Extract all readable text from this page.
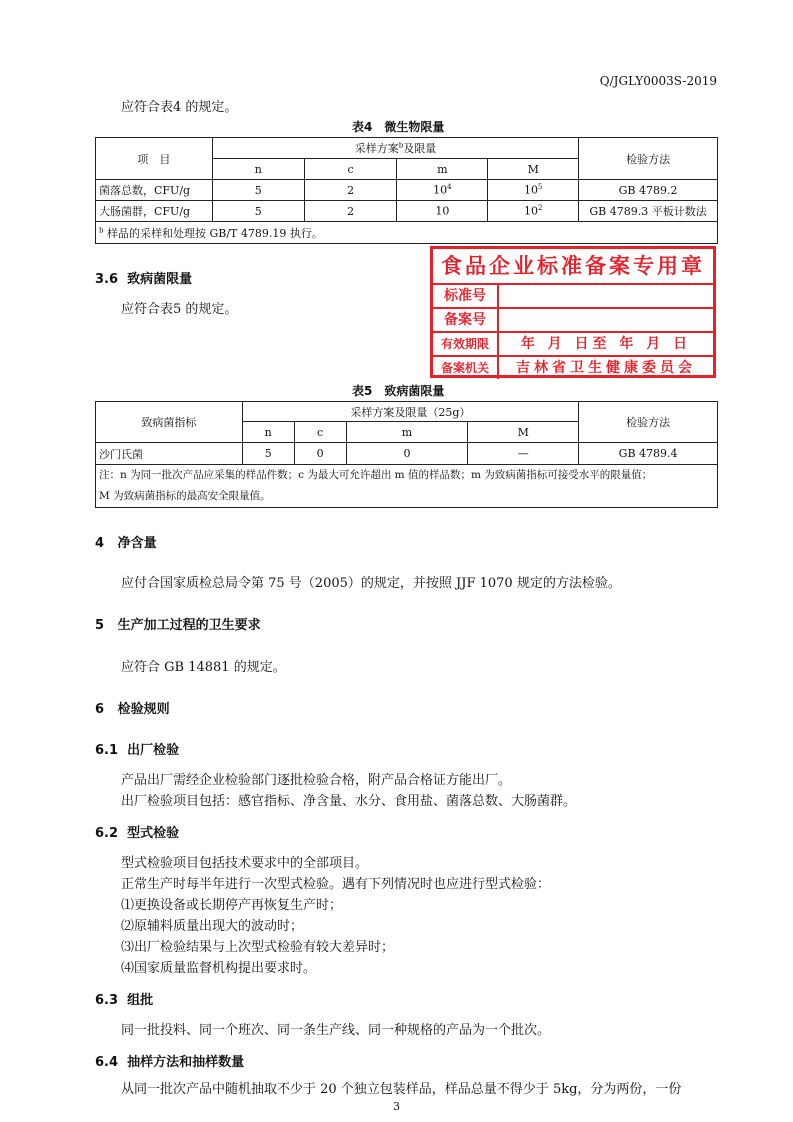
Q/JGLY0003S-2019
应符合表4 的规定。
表4　微生物限量
项　目	采样方案$^b$及限量				检验方法
	n	c	m	M	
菌落总数，CFU/g	5	2	$10^4$	$10^5$	GB 4789.2
大肠菌群，CFU/g	5	2	10	$10^2$	GB 4789.3 平板计数法
$^b$ 样品的采样和处理按 GB/T 4789.19 执行。					
3.6 致病菌限量
应符合表5 的规定。
食品企业标准备案专用章
标准号
备案号
有效期限	年 月 日至 年 月 日
备案机关	吉林省卫生健康委员会
表5　致病菌限量
致病菌指标	采样方案及限量（25g）				检验方法
	n	c	m	M	
沙门氏菌	5	0	0	—	GB 4789.4

注：n 为同一批次产品应采集的样品件数；c 为最大可允许超出 m 值的样品数；m 为致病菌指标可接受水平的限量值；
M 为致病菌指标的最高安全限量值。					
4 净含量
应付合国家质检总局令第 75 号（2005）的规定，并按照 JJF 1070 规定的方法检验。
5 生产加工过程的卫生要求
应符合 GB 14881 的规定。
6 检验规则
6.1 出厂检验
产品出厂需经企业检验部门逐批检验合格，附产品合格证方能出厂。
出厂检验项目包括：感官指标、净含量、水分、食用盐、菌落总数、大肠菌群。
6.2 型式检验
型式检验项目包括技术要求中的全部项目。
正常生产时每半年进行一次型式检验。遇有下列情况时也应进行型式检验：
⑴更换设备或长期停产再恢复生产时；
⑵原辅料质量出现大的波动时；
⑶出厂检验结果与上次型式检验有较大差异时；
⑷国家质量监督机构提出要求时。
6.3 组批
同一批投料、同一个班次、同一条生产线、同一种规格的产品为一个批次。
6.4 抽样方法和抽样数量
从同一批次产品中随机抽取不少于 20 个独立包装样品，样品总量不得少于 5kg，分为两份，一份
3
